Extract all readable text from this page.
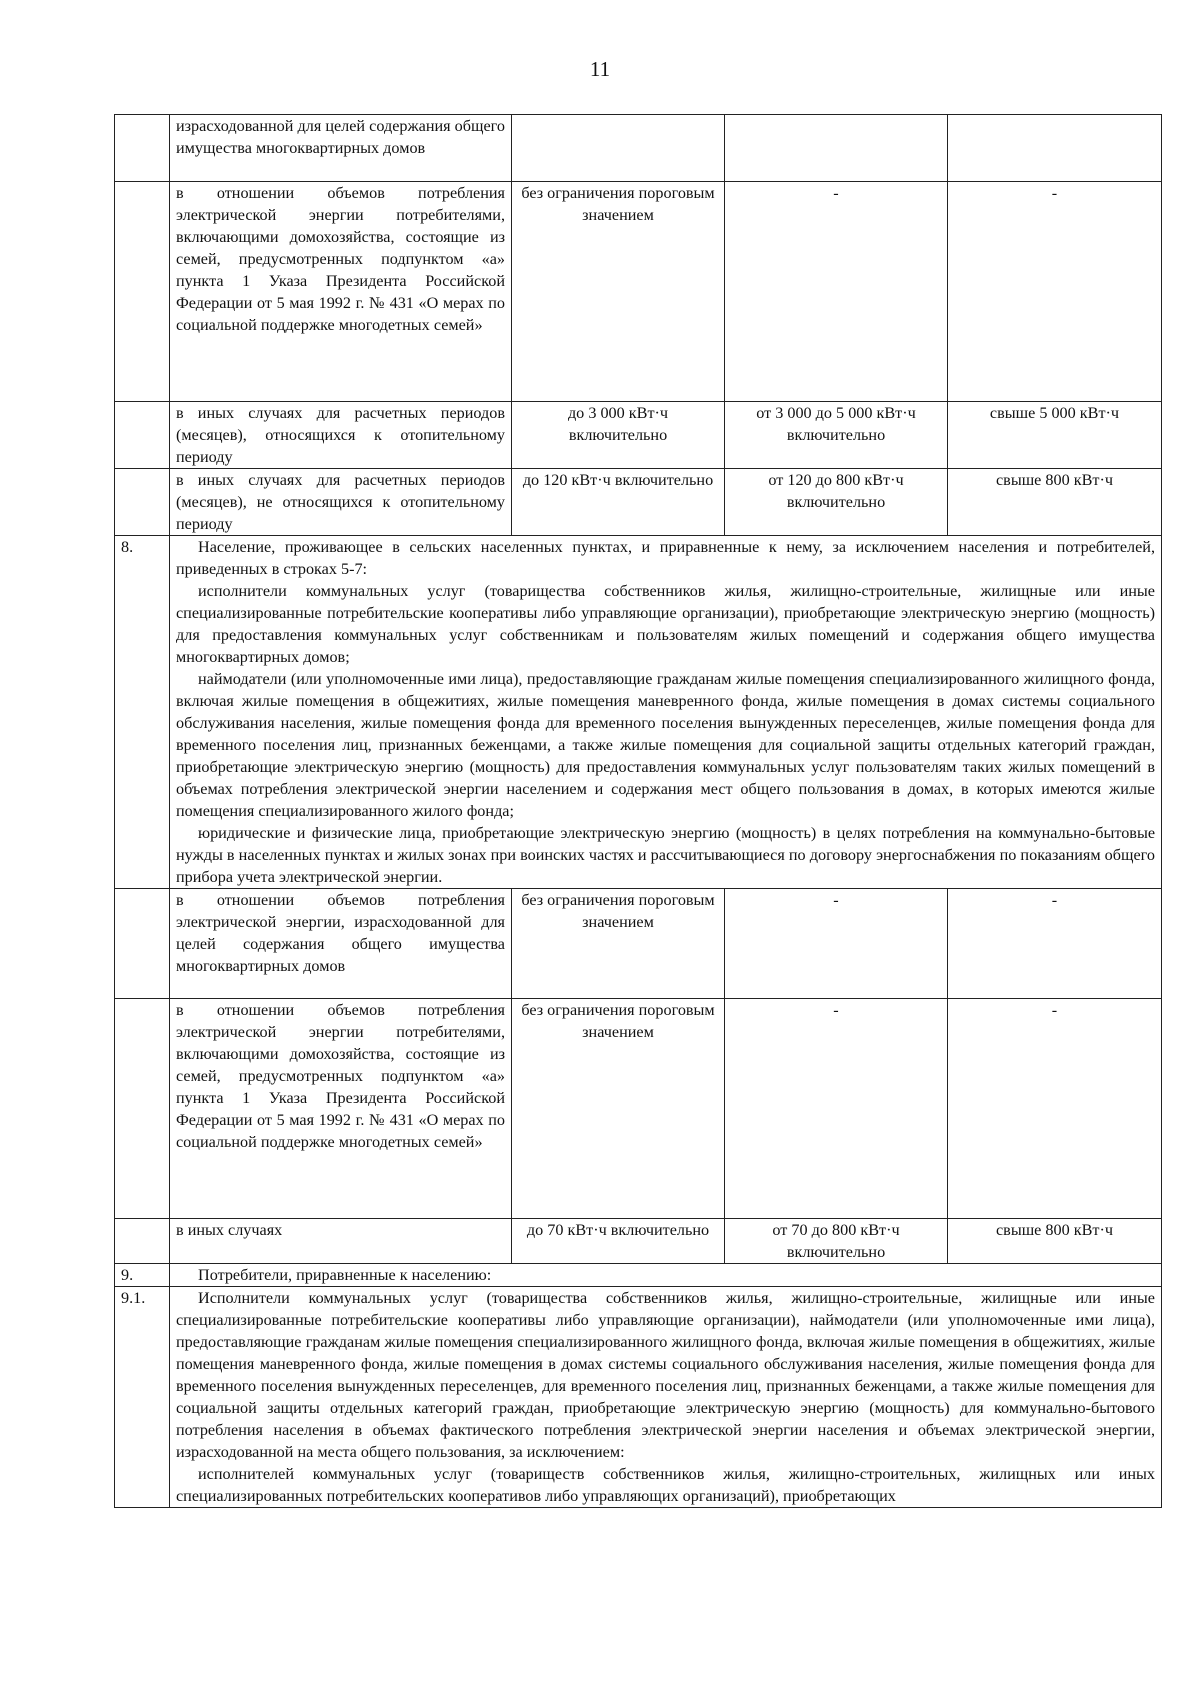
11
	израсходованной для целей содержания общего имущества многоквартирных домов			
	в отношении объемов потребления электрической энергии потребителями, включающими домохозяйства, состоящие из семей, предусмотренных подпунктом «а» пункта 1 Указа Президента Российской Федерации от 5 мая 1992 г. № 431 «О мерах по социальной поддержке многодетных семей»	без ограничения пороговым значением	-	-
	в иных случаях для расчетных периодов (месяцев), относящихся к отопительному периоду	до 3 000 кВт·ч включительно	от 3 000 до 5 000 кВт·ч включительно	свыше 5 000 кВт·ч
	в иных случаях для расчетных периодов (месяцев), не относящихся к отопительному периоду	до 120 кВт·ч включительно	от 120 до 800 кВт·ч включительно	свыше 800 кВт·ч
8.	Население, проживающее в сельских населенных пунктах, и приравненные к нему, за исключением населения и потребителей, приведенных в строках 5-7:
исполнители коммунальных услуг (товарищества собственников жилья, жилищно-строительные, жилищные или иные специализированные потребительские кооперативы либо управляющие организации), приобретающие электрическую энергию (мощность) для предоставления коммунальных услуг собственникам и пользователям жилых помещений и содержания общего имущества многоквартирных домов;
наймодатели (или уполномоченные ими лица), предоставляющие гражданам жилые помещения специализированного жилищного фонда, включая жилые помещения в общежитиях, жилые помещения маневренного фонда, жилые помещения в домах системы социального обслуживания населения, жилые помещения фонда для временного поселения вынужденных переселенцев, жилые помещения фонда для временного поселения лиц, признанных беженцами, а также жилые помещения для социальной защиты отдельных категорий граждан, приобретающие электрическую энергию (мощность) для предоставления коммунальных услуг пользователям таких жилых помещений в объемах потребления электрической энергии населением и содержания мест общего пользования в домах, в которых имеются жилые помещения специализированного жилого фонда;
юридические и физические лица, приобретающие электрическую энергию (мощность) в целях потребления на коммунально-бытовые нужды в населенных пунктах и жилых зонах при воинских частях и рассчитывающиеся по договору энергоснабжения по показаниям общего прибора учета электрической энергии.			

	в отношении объемов потребления электрической энергии, израсходованной для целей содержания общего имущества многоквартирных домов	без ограничения пороговым значением	-	-
	в отношении объемов потребления электрической энергии потребителями, включающими домохозяйства, состоящие из семей, предусмотренных подпунктом «а» пункта 1 Указа Президента Российской Федерации от 5 мая 1992 г. № 431 «О мерах по социальной поддержке многодетных семей»	без ограничения пороговым значением	-	-
	в иных случаях	до 70 кВт·ч включительно	от 70 до 800 кВт·ч включительно	свыше 800 кВт·ч
9.	Потребители, приравненные к населению:			

9.1.	Исполнители коммунальных услуг (товарищества собственников жилья, жилищно-строительные, жилищные или иные специализированные потребительские кооперативы либо управляющие организации), наймодатели (или уполномоченные ими лица), предоставляющие гражданам жилые помещения специализированного жилищного фонда, включая жилые помещения в общежитиях, жилые помещения маневренного фонда, жилые помещения в домах системы социального обслуживания населения, жилые помещения фонда для временного поселения вынужденных переселенцев, для временного поселения лиц, признанных беженцами, а также жилые помещения для социальной защиты отдельных категорий граждан, приобретающие электрическую энергию (мощность) для коммунально-бытового потребления населения в объемах фактического потребления электрической энергии населения и объемах электрической энергии, израсходованной на места общего пользования, за исключением:
исполнителей коммунальных услуг (товариществ собственников жилья, жилищно-строительных, жилищных или иных специализированных потребительских кооперативов либо управляющих организаций), приобретающих			
